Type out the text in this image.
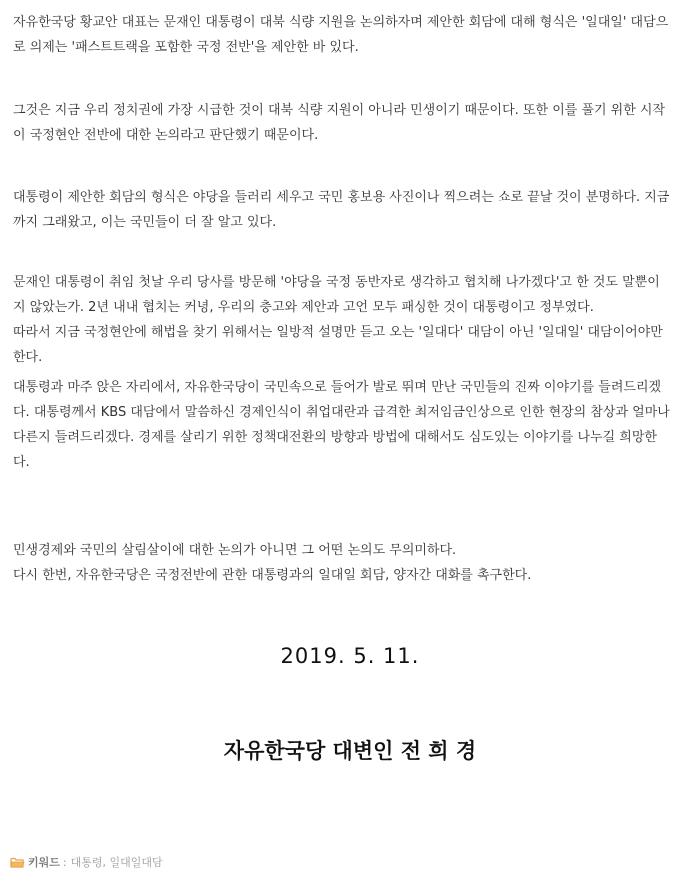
자유한국당 황교안 대표는 문재인 대통령이 대북 식량 지원을 논의하자며 제안한 회담에 대해 형식은 '일대일' 대담으
로 의제는 '패스트트랙을 포함한 국정 전반'을 제안한 바 있다.
그것은 지금 우리 정치권에 가장 시급한 것이 대북 식량 지원이 아니라 민생이기 때문이다. 또한 이를 풀기 위한 시작
이 국정현안 전반에 대한 논의라고 판단했기 때문이다.
대통령이 제안한 회담의 형식은 야당을 들러리 세우고 국민 홍보용 사진이나 찍으려는 쇼로 끝날 것이 분명하다. 지금
까지 그래왔고, 이는 국민들이 더 잘 알고 있다.
문재인 대통령이 취임 첫날 우리 당사를 방문해 '야당을 국정 동반자로 생각하고 협치해 나가겠다'고 한 것도 말뿐이
지 않았는가. 2년 내내 협치는 커녕, 우리의 충고와 제안과 고언 모두 패싱한 것이 대통령이고 정부였다.
따라서 지금 국정현안에 해법을 찾기 위해서는 일방적 설명만 듣고 오는 '일대다' 대담이 아닌 '일대일' 대담이어야만
한다.
대통령과 마주 앉은 자리에서, 자유한국당이 국민속으로 들어가 발로 뛰며 만난 국민들의 진짜 이야기를 들려드리겠
다. 대통령께서 KBS 대담에서 말씀하신 경제인식이 취업대란과 급격한 최저임금인상으로 인한 현장의 참상과 얼마나
다른지 들려드리겠다. 경제를 살리기 위한 정책대전환의 방향과 방법에 대해서도 심도있는 이야기를 나누길 희망한
다.
민생경제와 국민의 살림살이에 대한 논의가 아니면 그 어떤 논의도 무의미하다.
다시 한번, 자유한국당은 국정전반에 관한 대통령과의 일대일 회담, 양자간 대화를 촉구한다.
2019. 5. 11.
자유한국당 대변인 전 희 경
키워드 : 대통령, 일대일대담
